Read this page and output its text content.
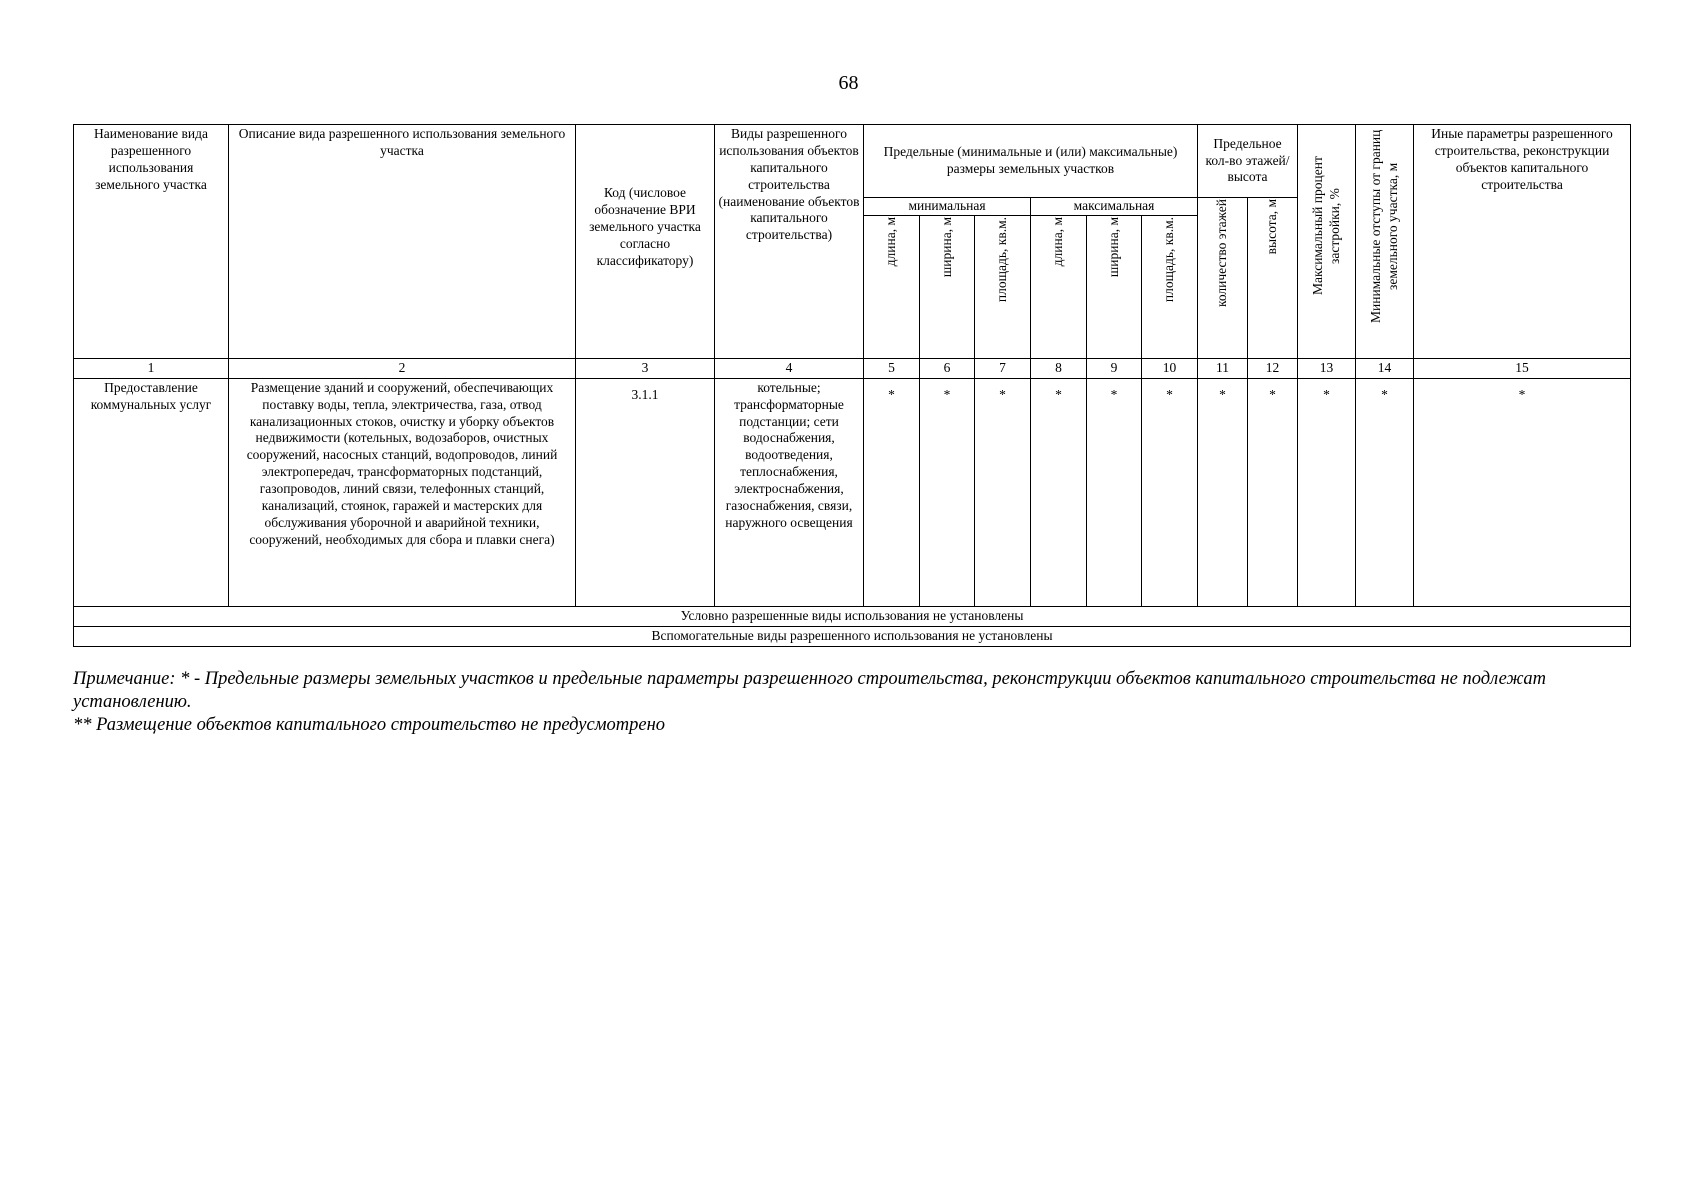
68
Наименование вида разрешенного использования земельного участка	Описание вида разрешенного использования земельного участка	Код (числовое обозначение ВРИ земельного участка согласно классификатору)	Виды разрешенного использования объектов капитального строительства (наименование объектов капитального строительства)	Предельные (минимальные и (или) максимальные) размеры земельных участков						Предельное кол-во этажей/ высота		Максимальный процент застройки, %	Минимальные отступы от границ земельного участка, м	Иные параметры разрешенного строительства, реконструкции объектов капитального строительства
				минимальная			максимальная			количество этажей	высота, м			
				длина, м	ширина, м	площадь, кв.м.	длина, м	ширина, м	площадь, кв.м.					
1	2	3	4	5	6	7	8	9	10	11	12	13	14	15
Предоставление коммунальных услуг	Размещение зданий и сооружений, обеспечивающих поставку воды, тепла, электричества, газа, отвод канализационных стоков, очистку и уборку объектов недвижимости (котельных, водозаборов, очистных сооружений, насосных станций, водопроводов, линий электропередач, трансформаторных подстанций, газопроводов, линий связи, телефонных станций, канализаций, стоянок, гаражей и мастерских для обслуживания уборочной и аварийной техники, сооружений, необходимых для сбора и плавки снега)	3.1.1	котельные; трансформаторные подстанции; сети водоснабжения, водоотведения, теплоснабжения, электроснабжения, газоснабжения, связи, наружного освещения	*	*	*	*	*	*	*	*	*	*	*
Условно разрешенные виды использования не установлены														
Вспомогательные виды разрешенного использования не установлены														

Примечание: * - Предельные размеры земельных участков и предельные параметры разрешенного строительства, реконструкции объектов капитального строительства не подлежат установлению.

** Размещение объектов капитального строительство не предусмотрено
